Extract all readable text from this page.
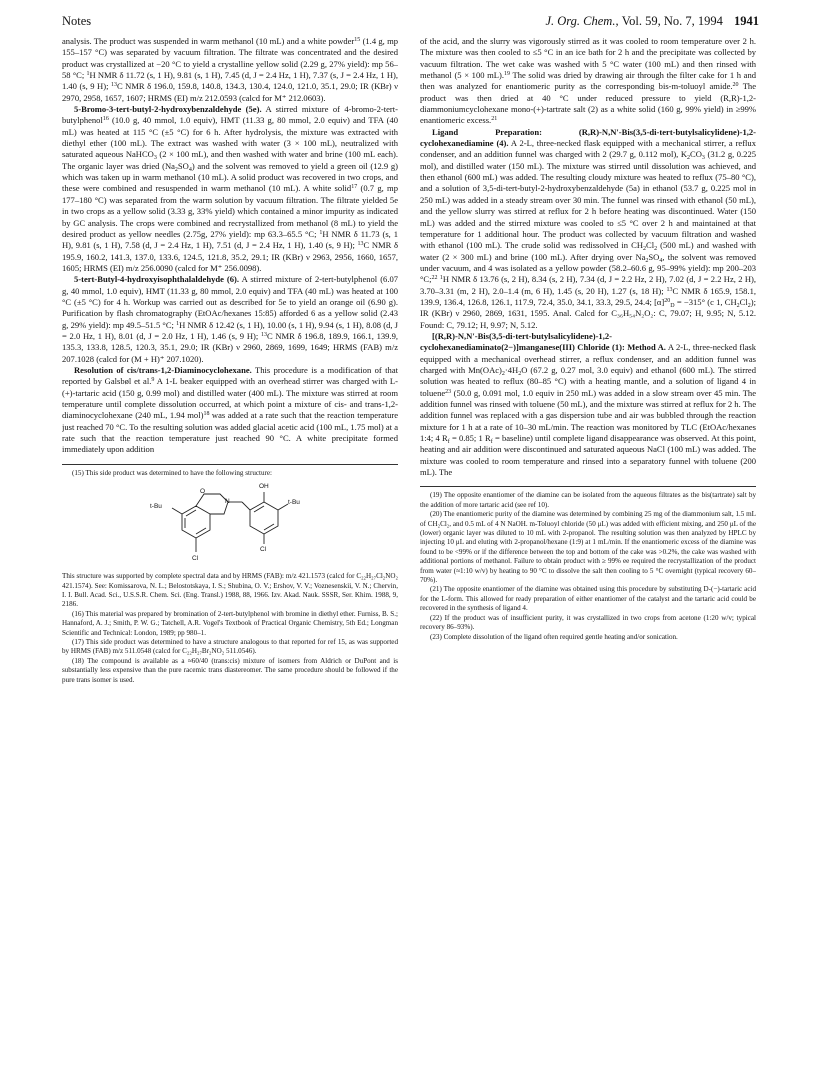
Notes	J. Org. Chem., Vol. 59, No. 7, 1994 1941

analysis. The product was suspended in warm methanol (10 mL) and a white powder$^{15}$ (1.4 g, mp 155–157 °C) was separated by vacuum filtration. The filtrate was concentrated and the desired product was crystallized at −20 °C to yield a crystalline yellow solid (2.29 g, 27% yield): mp 56–58 °C; $^1$H NMR δ 11.72 (s, 1 H), 9.81 (s, 1 H), 7.45 (d, J = 2.4 Hz, 1 H), 7.37 (s, J = 2.4 Hz, 1 H), 1.40 (s, 9 H); $^{13}$C NMR δ 196.0, 159.8, 140.8, 134.3, 130.4, 124.0, 121.0, 35.1, 29.0; IR (KBr) ν 2970, 2958, 1657, 1607; HRMS (EI) m/z 212.0593 (calcd for M⁺ 212.0603).

5-Bromo-3-tert-butyl-2-hydroxybenzaldehyde (5e). A stirred mixture of 4-bromo-2-tert-butylphenol$^{16}$ (10.0 g, 40 mmol, 1.0 equiv), HMT (11.33 g, 80 mmol, 2.0 equiv) and TFA (40 mL) was heated at 115 °C (±5 °C) for 6 h. After hydrolysis, the mixture was extracted with diethyl ether (100 mL). The extract was washed with water (3 × 100 mL), neutralized with saturated aqueous NaHCO$_3$ (2 × 100 mL), and then washed with water and brine (100 mL each). The organic layer was dried $(Na_2SO_4)$ and the solvent was removed to yield a green oil (12.9 g) which was taken up in warm methanol (10 mL). A solid product was recovered in two crops, and these were combined and resuspended in warm methanol (10 mL). A white solid$^{17}$ (0.7 g, mp 177–180 °C) was separated from the warm solution by vacuum filtration. The filtrate yielded 5e in two crops as a yellow solid (3.33 g, 33% yield) which contained a minor impurity as indicated by GC analysis. The crops were combined and recrystallized from methanol (8 mL) to yield the desired product as yellow needles (2.75g, 27% yield): mp 63.3–65.5 °C; $^1$H NMR δ 11.73 (s, 1 H), 9.81 (s, 1 H), 7.58 (d, J = 2.4 Hz, 1 H), 7.51 (d, J = 2.4 Hz, 1 H), 1.40 (s, 9 H); $^{13}$C NMR δ 195.9, 160.2, 141.3, 137.0, 133.6, 124.5, 121.8, 35.2, 29.1; IR (KBr) ν 2963, 2956, 1660, 1657, 1605; HRMS (EI) m/z 256.0090 (calcd for M⁺ 256.0098).

5-tert-Butyl-4-hydroxyisophthalaldehyde (6). A stirred mixture of 2-tert-butylphenol (6.07 g, 40 mmol, 1.0 equiv), HMT (11.33 g, 80 mmol, 2.0 equiv) and TFA (40 mL) was heated at 100 °C (±5 °C) for 4 h. Workup was carried out as described for 5e to yield an orange oil (6.90 g). Purification by flash chromatography (EtOAc/hexanes 15:85) afforded 6 as a yellow solid (2.43 g, 29% yield): mp 49.5–51.5 °C; $^1$H NMR δ 12.42 (s, 1 H), 10.00 (s, 1 H), 9.94 (s, 1 H), 8.08 (d, J = 2.0 Hz, 1 H), 8.01 (d, J = 2.0 Hz, 1 H), 1.46 (s, 9 H); $^{13}$C NMR δ 196.8, 189.9, 166.1, 139.9, 135.3, 133.8, 128.5, 120.3, 35.1, 29.0; IR (KBr) ν 2960, 2869, 1699, 1649; HRMS (FAB) m/z 207.1028 (calcd for (M + H)⁺ 207.1020).

Resolution of cis/trans-1,2-Diaminocyclohexane. This procedure is a modification of that reported by Galsbøl et al.$^9$ A 1-L beaker equipped with an overhead stirrer was charged with L-(+)-tartaric acid (150 g, 0.99 mol) and distilled water (400 mL). The mixture was stirred at room temperature until complete dissolution occurred, at which point a mixture of cis- and trans-1,2-diaminocyclohexane (240 mL, 1.94 mol)$^{18}$ was added at a rate such that the reaction temperature just reached 70 °C. To the resulting solution was added glacial acetic acid (100 mL, 1.75 mol) at a rate such that the reaction temperature just reached 90 °C. A white precipitate formed immediately upon addition

(15) This side product was determined to have the following structure:

OH
N
O
t-Bu
t-Bu
Cl
Cl

This structure was supported by complete spectral data and by HRMS (FAB): m/z 421.1573 (calcd for C₂₂H₂₇Cl₂NO₂ 421.1574). See: Komissarova, N. L.; Belostotskaya, I. S.; Shubina, O. V.; Ershov, V. V.; Voznesenskii, V. N.; Chervin, I. I. Bull. Acad. Sci., U.S.S.R. Chem. Sci. (Eng. Transl.) 1988, 88, 1966. Izv. Akad. Nauk. SSSR, Ser. Khim. 1988, 9, 2186.

(16) This material was prepared by bromination of 2-tert-butylphenol with bromine in diethyl ether. Furniss, B. S.; Hannaford, A. J.; Smith, P. W. G.; Tatchell, A.R. Vogel's Textbook of Practical Organic Chemistry, 5th Ed.; Longman Scientific and Technical: London, 1989; pp 980–1.

(17) This side product was determined to have a structure analogous to that reported for ref 15, as was supported by HRMS (FAB) m/z 511.0548 (calcd for C₂₂H₂₇Br₂NO₂ 511.0546).

(18) The compound is available as a ≈60/40 (trans:cis) mixture of isomers from Aldrich or DuPont and is substantially less expensive than the pure racemic trans diastereomer. The same procedure should be followed if the pure trans isomer is used.

of the acid, and the slurry was vigorously stirred as it was cooled to room temperature over 2 h. The mixture was then cooled to ≤5 °C in an ice bath for 2 h and the precipitate was collected by vacuum filtration. The wet cake was washed with 5 °C water (100 mL) and then rinsed with methanol (5 × 100 mL).$^{19}$ The solid was dried by drawing air through the filter cake for 1 h and then was analyzed for enantiomeric purity as the corresponding bis-m-toluoyl amide.$^{20}$ The product was then dried at 40 °C under reduced pressure to yield (R,R)-1,2-diammoniumcyclohexane mono-(+)-tartrate salt (2) as a white solid (160 g, 99% yield) in ≥99% enantiomeric excess.$^{21}$

Ligand Preparation: (R,R)-N,N′-Bis(3,5-di-tert-butylsalicylidene)-1,2-cyclohexanediamine (4). A 2-L, three-necked flask equipped with a mechanical stirrer, a reflux condenser, and an addition funnel was charged with 2 (29.7 g, 0.112 mol), $K_2CO_3$ (31.2 g, 0.225 mol), and distilled water (150 mL). The mixture was stirred until dissolution was achieved, and then ethanol (600 mL) was added. The resulting cloudy mixture was heated to reflux (75–80 °C), and a solution of 3,5-di-tert-butyl-2-hydroxybenzaldehyde (5a) in ethanol (53.7 g, 0.225 mol in 250 mL) was added in a steady stream over 30 min. The funnel was rinsed with ethanol (50 mL), and the yellow slurry was stirred at reflux for 2 h before heating was discontinued. Water (150 mL) was added and the stirred mixture was cooled to ≤5 °C over 2 h and maintained at that temperature for 1 additional hour. The product was collected by vacuum filtration and washed with ethanol (100 mL). The crude solid was redissolved in $CH_2Cl_2$ (500 mL) and washed with water (2 × 300 mL) and brine (100 mL). After drying over $Na_2SO_4$, the solvent was removed under vacuum, and 4 was isolated as a yellow powder (58.2–60.6 g, 95–99% yield): mp 200–203 °C;$^{22}$ $^1$H NMR δ 13.76 (s, 2 H), 8.34 (s, 2 H), 7.34 (d, J = 2.2 Hz, 2 H), 7.02 (d, J = 2.2 Hz, 2 H), 3.70–3.31 (m, 2 H), 2.0–1.4 (m, 6 H), 1.45 (s, 20 H), 1.27 (s, 18 H); $^{13}$C NMR δ 165.9, 158.1, 139.9, 136.4, 126.8, 126.1, 117.9, 72.4, 35.0, 34.1, 33.3, 29.5, 24.4; $[\alpha]^{20}_D = -315^\circ$ (c 1, $CH_2Cl_2$); IR (KBr) ν 2960, 2869, 1631, 1595. Anal. Calcd for C₃₆H₅₄N₂O₂: C, 79.07; H, 9.95; N, 5.12. Found: C, 79.12; H, 9.97; N, 5.12.

[(R,R)-N,N′-Bis(3,5-di-tert-butylsalicylidene)-1,2-cyclohexanediaminato(2−)]manganese(III) Chloride (1): Method A. A 2-L, three-necked flask equipped with a mechanical overhead stirrer, a reflux condenser, and an addition funnel was charged with $Mn(OAc)_2\cdot 4H_2O$ (67.2 g, 0.27 mol, 3.0 equiv) and ethanol (600 mL). The stirred solution was heated to reflux (80–85 °C) with a heating mantle, and a solution of ligand 4 in toluene$^{23}$ (50.0 g, 0.091 mol, 1.0 equiv in 250 mL) was added in a slow stream over 45 min. The addition funnel was rinsed with toluene (50 mL), and the mixture was stirred at reflux for 2 h. The addition funnel was replaced with a gas dispersion tube and air was bubbled through the reaction mixture for 1 h at a rate of 10–30 mL/min. The reaction was monitored by TLC (EtOAc/hexanes 1:4; 4 $R_f = 0.85$; 1 $R_f$ = baseline) until complete ligand disappearance was observed. At this point, heating and air addition were discontinued and saturated aqueous NaCl (100 mL) was added. The mixture was cooled to room temperature and rinsed into a separatory funnel with toluene (200 mL). The

(19) The opposite enantiomer of the diamine can be isolated from the aqueous filtrates as the bis(tartrate) salt by the addition of more tartaric acid (see ref 10).

(20) The enantiomeric purity of the diamine was determined by combining 25 mg of the diammonium salt, 1.5 mL of CH₂Cl₂, and 0.5 mL of 4 N NaOH. m-Toluoyl chloride (50 μL) was added with efficient mixing, and 250 μL of the (lower) organic layer was diluted to 10 mL with 2-propanol. The resulting solution was then analyzed by HPLC by injecting 10 μL and eluting with 2-propanol/hexane (1:9) at 1 mL/min. If the enantiomeric excess of the diamine was found to be <99% or if the difference between the top and bottom of the cake was >0.2%, the cake was washed with additional portions of methanol. Failure to obtain product with ≥ 99% ee required the recrystallization of the product from water (≈1:10 w/v) by heating to 90 °C to dissolve the salt then cooling to 5 °C overnight (typical recovery 60–70%).

(21) The opposite enantiomer of the diamine was obtained using this procedure by substituting D-(−)-tartaric acid for the L-form. This allowed for ready preparation of either enantiomer of the catalyst and the tartaric acid could be recovered in the synthesis of ligand 4.

(22) If the product was of insufficient purity, it was crystallized in two crops from acetone (1:20 w/v; typical recovery 86–93%).

(23) Complete dissolution of the ligand often required gentle heating and/or sonication.
